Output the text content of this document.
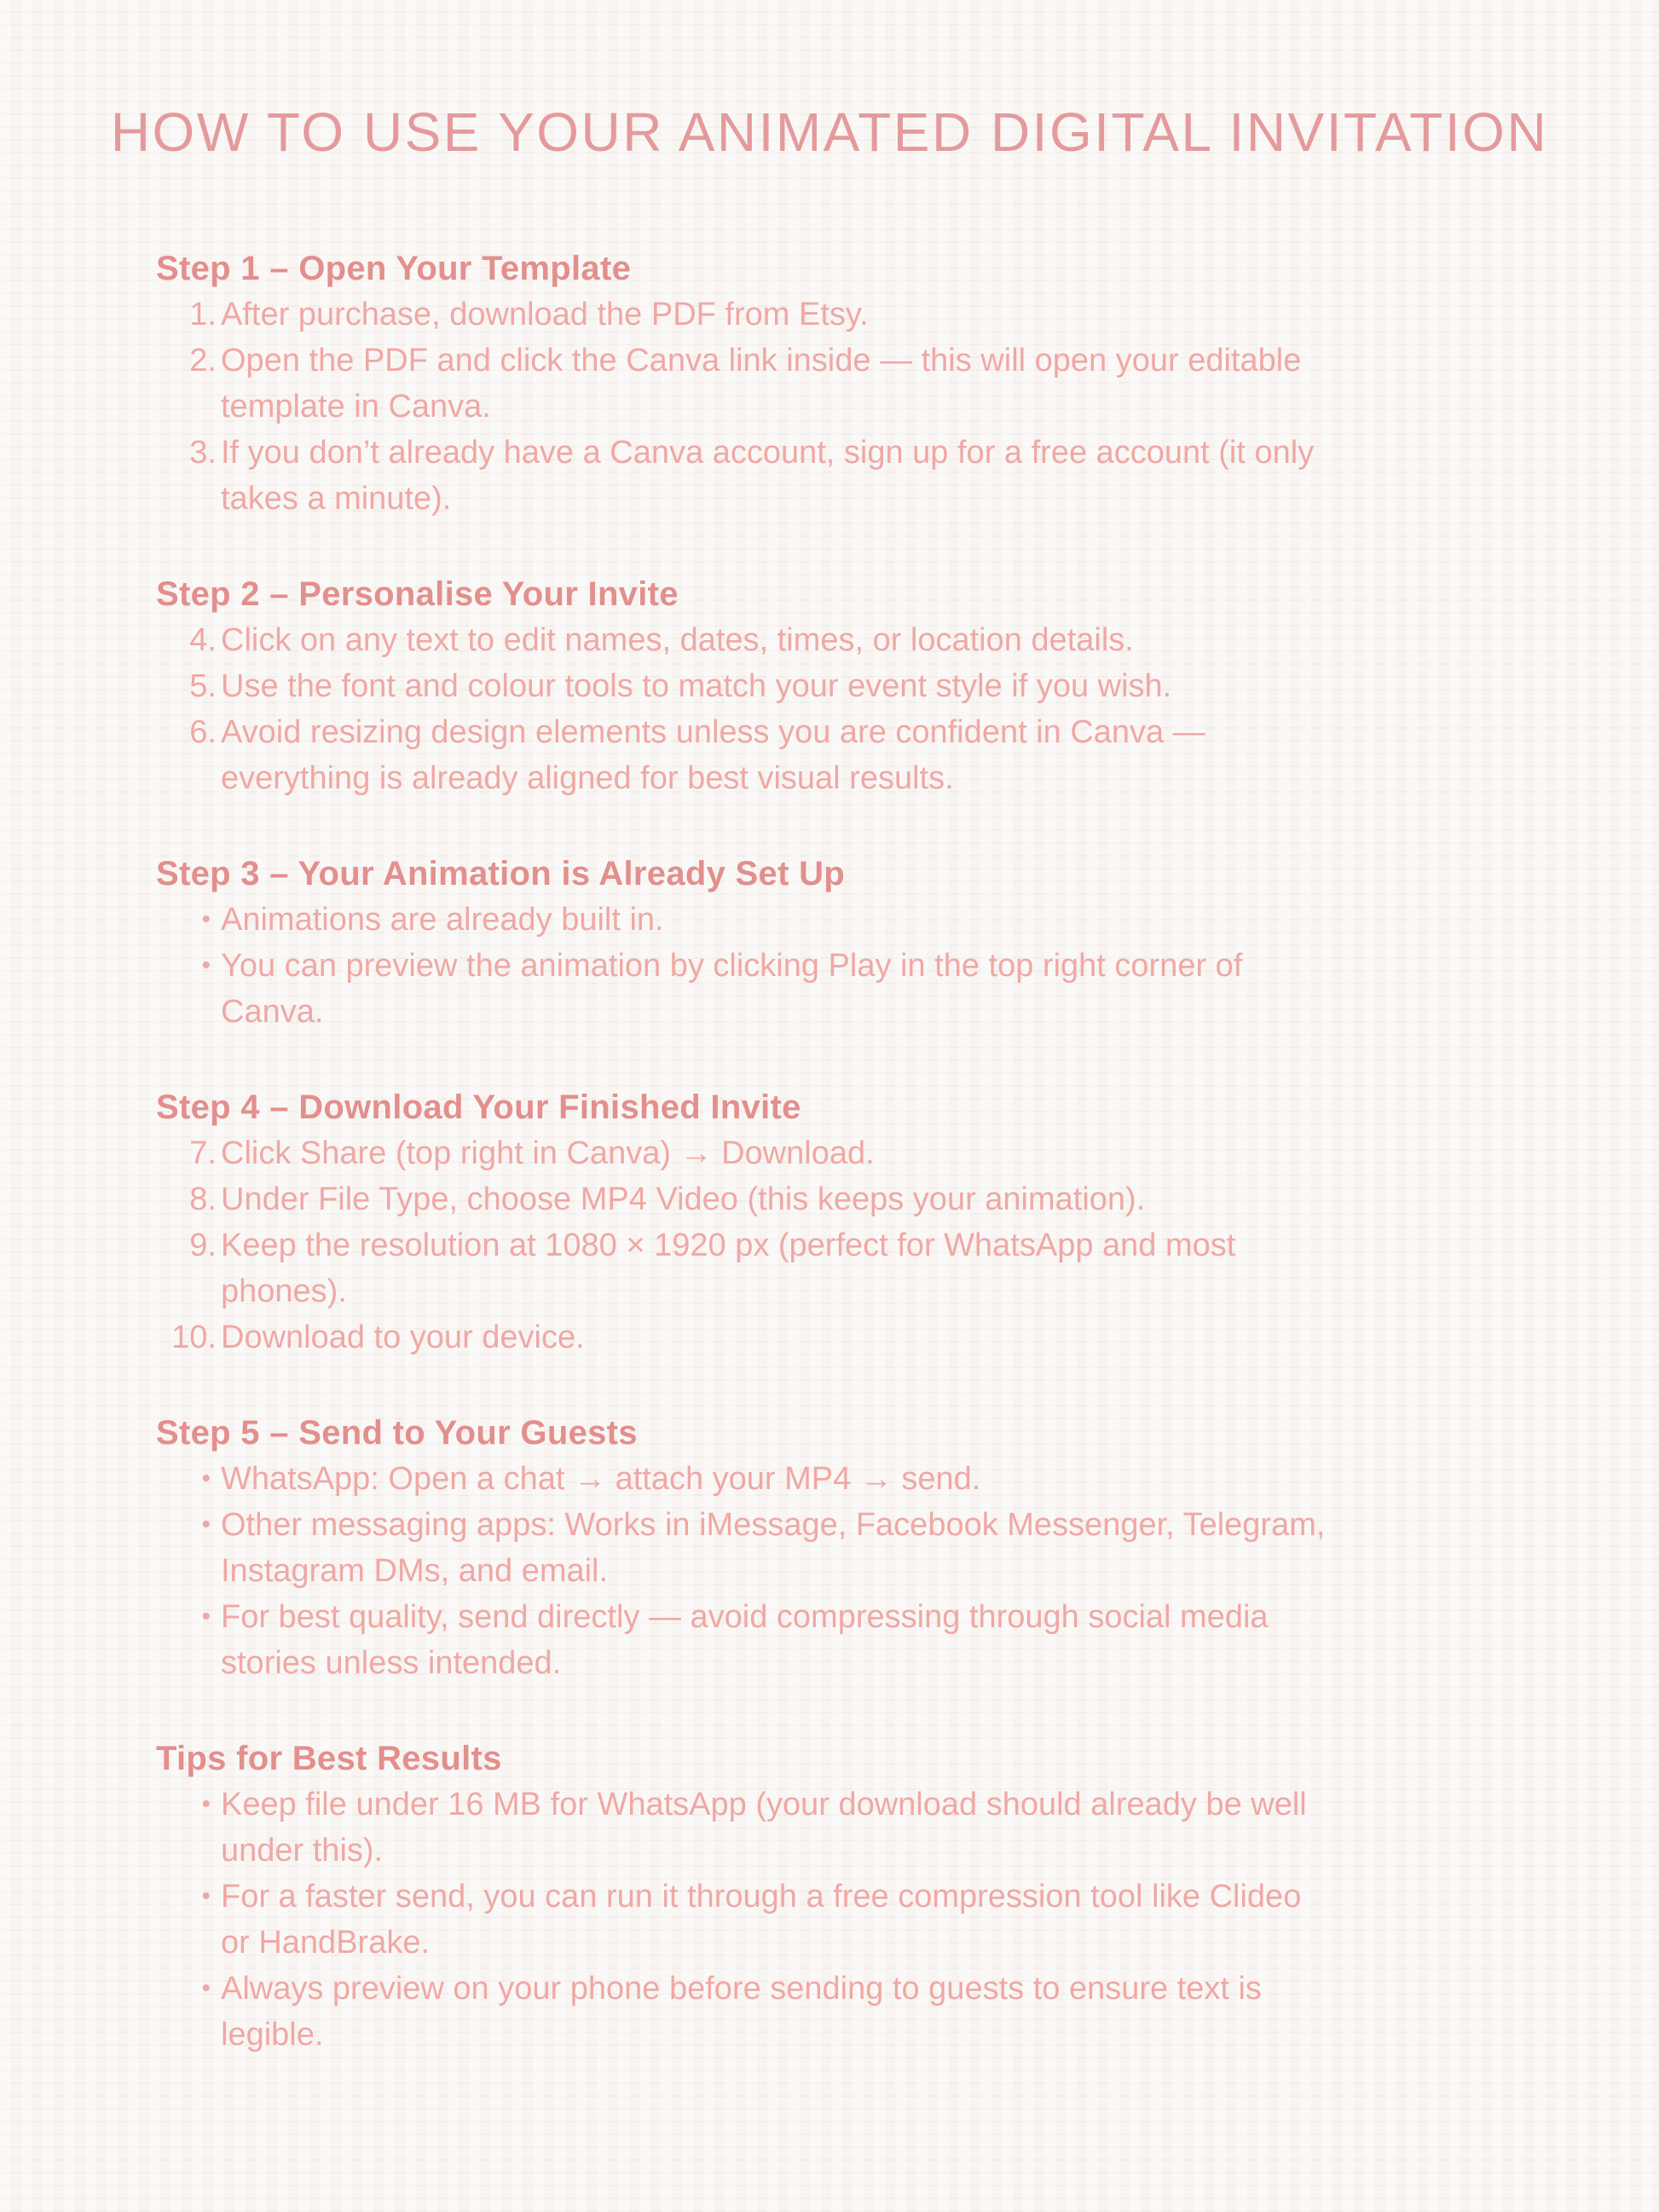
HOW TO USE YOUR ANIMATED DIGITAL INVITATION
Step 1 – Open Your Template
1. After purchase, download the PDF from Etsy.
2. Open the PDF and click the Canva link inside — this will open your editable
template in Canva.
3. If you don’t already have a Canva account, sign up for a free account (it only
takes a minute).
Step 2 – Personalise Your Invite
4. Click on any text to edit names, dates, times, or location details.
5. Use the font and colour tools to match your event style if you wish.
6. Avoid resizing design elements unless you are confident in Canva —
everything is already aligned for best visual results.
Step 3 – Your Animation is Already Set Up
• Animations are already built in.
• You can preview the animation by clicking Play in the top right corner of
Canva.
Step 4 – Download Your Finished Invite
7. Click Share (top right in Canva) → Download.
8. Under File Type, choose MP4 Video (this keeps your animation).
9. Keep the resolution at 1080 × 1920 px (perfect for WhatsApp and most
phones).
10. Download to your device.
Step 5 – Send to Your Guests
• WhatsApp: Open a chat → attach your MP4 → send.
• Other messaging apps: Works in iMessage, Facebook Messenger, Telegram,
Instagram DMs, and email.
• For best quality, send directly — avoid compressing through social media
stories unless intended.
Tips for Best Results
• Keep file under 16 MB for WhatsApp (your download should already be well
under this).
• For a faster send, you can run it through a free compression tool like Clideo
or HandBrake.
• Always preview on your phone before sending to guests to ensure text is
legible.
